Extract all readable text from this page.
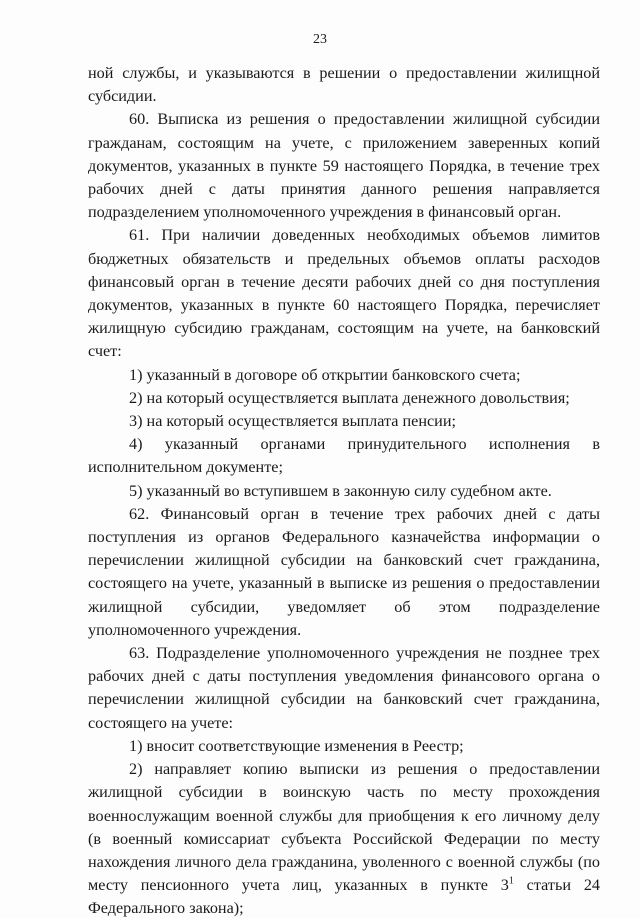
23

ной службы, и указываются в решении о предоставлении жилищной субсидии.

60. Выписка из решения о предоставлении жилищной субсидии гражданам, состоящим на учете, с приложением заверенных копий документов, указанных в пункте 59 настоящего Порядка, в течение трех рабочих дней с даты принятия данного решения направляется подразделением уполномоченного учреждения в финансовый орган.

61. При наличии доведенных необходимых объемов лимитов бюджетных обязательств и предельных объемов оплаты расходов финансовый орган в течение десяти рабочих дней со дня поступления документов, указанных в пункте 60 настоящего Порядка, перечисляет жилищную субсидию гражданам, состоящим на учете, на банковский счет:

1) указанный в договоре об открытии банковского счета;

2) на который осуществляется выплата денежного довольствия;

3) на который осуществляется выплата пенсии;

4) указанный органами принудительного исполнения в исполнительном документе;

5) указанный во вступившем в законную силу судебном акте.

62. Финансовый орган в течение трех рабочих дней с даты поступления из органов Федерального казначейства информации о перечислении жилищной субсидии на банковский счет гражданина, состоящего на учете, указанный в выписке из решения о предоставлении жилищной субсидии, уведомляет об этом подразделение уполномоченного учреждения.

63. Подразделение уполномоченного учреждения не позднее трех рабочих дней с даты поступления уведомления финансового органа о перечислении жилищной субсидии на банковский счет гражданина, состоящего на учете:

1) вносит соответствующие изменения в Реестр;

2) направляет копию выписки из решения о предоставлении жилищной субсидии в воинскую часть по месту прохождения военнослужащим военной службы для приобщения к его личному делу (в военный комиссариат субъекта Российской Федерации по месту нахождения личного дела гражданина, уволенного с военной службы (по месту пенсионного учета лиц, указанных в пункте $3^1$ статьи 24 Федерального закона);
